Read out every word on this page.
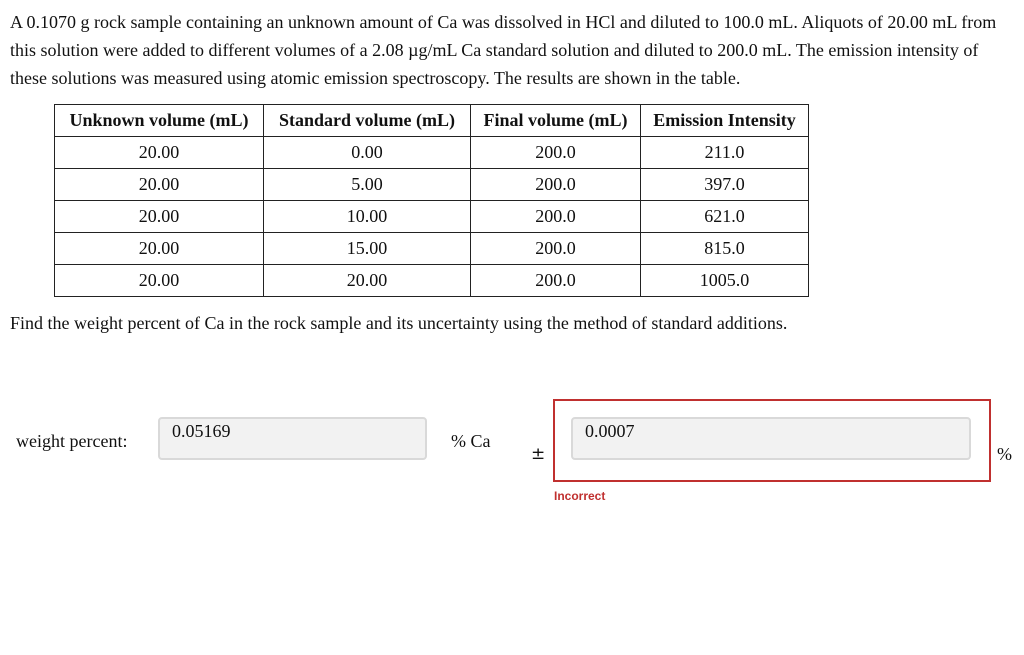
A 0.1070 g rock sample containing an unknown amount of Ca was dissolved in HCl and diluted to 100.0 mL. Aliquots of 20.00 mL from this solution were added to different volumes of a 2.08 µg/mL Ca standard solution and diluted to 200.0 mL. The emission intensity of these solutions was measured using atomic emission spectroscopy. The results are shown in the table.

Unknown volume (mL)	Standard volume (mL)	Final volume (mL)	Emission Intensity
20.00	0.00	200.0	211.0
20.00	5.00	200.0	397.0
20.00	10.00	200.0	621.0
20.00	15.00	200.0	815.0
20.00	20.00	200.0	1005.0

Find the weight percent of Ca in the rock sample and its uncertainty using the method of standard additions.

weight percent:
0.05169	% Ca
±
0.0007
Incorrect
%
